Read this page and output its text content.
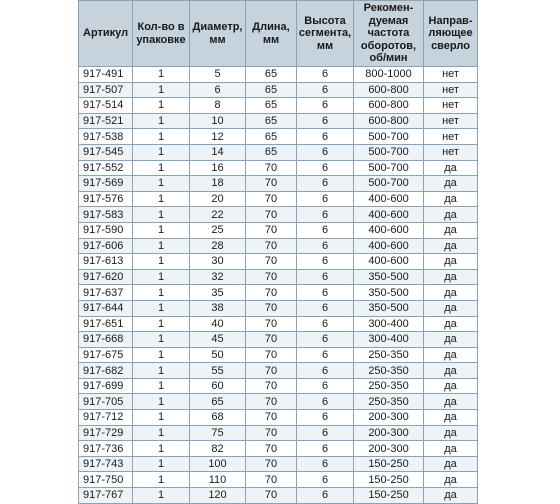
Артикул	Кол-во в упаковке	Диаметр, мм	Длина, мм	Высота сегмента, мм	Рекомен- дуемая частота оборотов, об/мин	Направ- ляющее сверло
917-491	1	5	65	6	800-1000	нет
917-507	1	6	65	6	600-800	нет
917-514	1	8	65	6	600-800	нет
917-521	1	10	65	6	600-800	нет
917-538	1	12	65	6	500-700	нет
917-545	1	14	65	6	500-700	нет
917-552	1	16	70	6	500-700	да
917-569	1	18	70	6	500-700	да
917-576	1	20	70	6	400-600	да
917-583	1	22	70	6	400-600	да
917-590	1	25	70	6	400-600	да
917-606	1	28	70	6	400-600	да
917-613	1	30	70	6	400-600	да
917-620	1	32	70	6	350-500	да
917-637	1	35	70	6	350-500	да
917-644	1	38	70	6	350-500	да
917-651	1	40	70	6	300-400	да
917-668	1	45	70	6	300-400	да
917-675	1	50	70	6	250-350	да
917-682	1	55	70	6	250-350	да
917-699	1	60	70	6	250-350	да
917-705	1	65	70	6	250-350	да
917-712	1	68	70	6	200-300	да
917-729	1	75	70	6	200-300	да
917-736	1	82	70	6	200-300	да
917-743	1	100	70	6	150-250	да
917-750	1	110	70	6	150-250	да
917-767	1	120	70	6	150-250	да
